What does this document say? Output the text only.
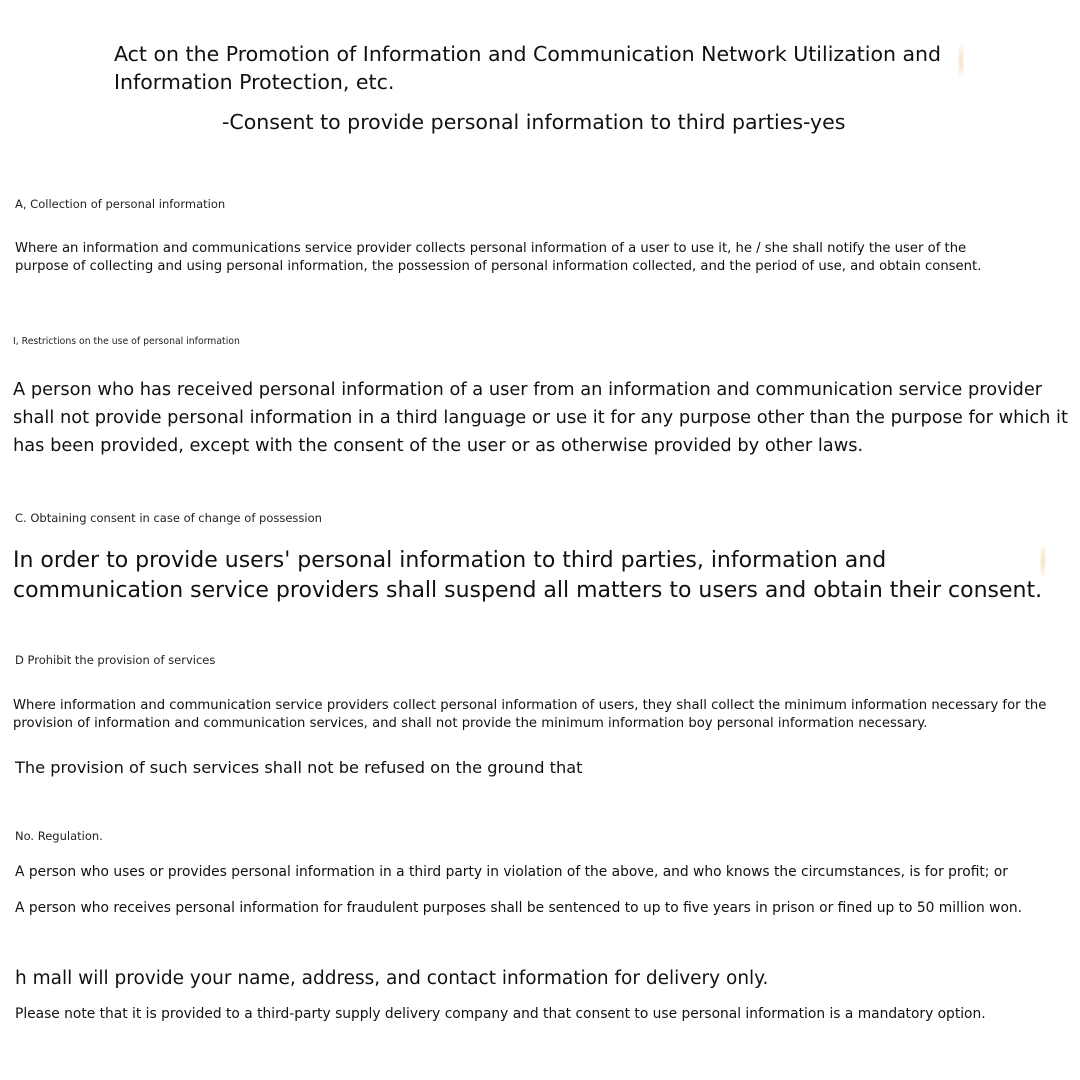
Act on the Promotion of Information and Communication Network Utilization and Information Protection, etc.

-Consent to provide personal information to third parties-yes

A, Collection of personal information

Where an information and communications service provider collects personal information of a user to use it, he / she shall notify the user of the

purpose of collecting and using personal information, the possession of personal information collected, and the period of use, and obtain consent.

I, Restrictions on the use of personal information

A person who has received personal information of a user from an information and communication service provider

shall not provide personal information in a third language or use it for any purpose other than the purpose for which it

has been provided, except with the consent of the user or as otherwise provided by other laws.

C. Obtaining consent in case of change of possession

In order to provide users' personal information to third parties, information and

communication service providers shall suspend all matters to users and obtain their consent.

D Prohibit the provision of services

Where information and communication service providers collect personal information of users, they shall collect the minimum information necessary for the

provision of information and communication services, and shall not provide the minimum information boy personal information necessary.

The provision of such services shall not be refused on the ground that

No. Regulation.

A person who uses or provides personal information in a third party in violation of the above, and who knows the circumstances, is for profit; or

A person who receives personal information for fraudulent purposes shall be sentenced to up to five years in prison or fined up to 50 million won.

h mall will provide your name, address, and contact information for delivery only.

Please note that it is provided to a third-party supply delivery company and that consent to use personal information is a mandatory option.
